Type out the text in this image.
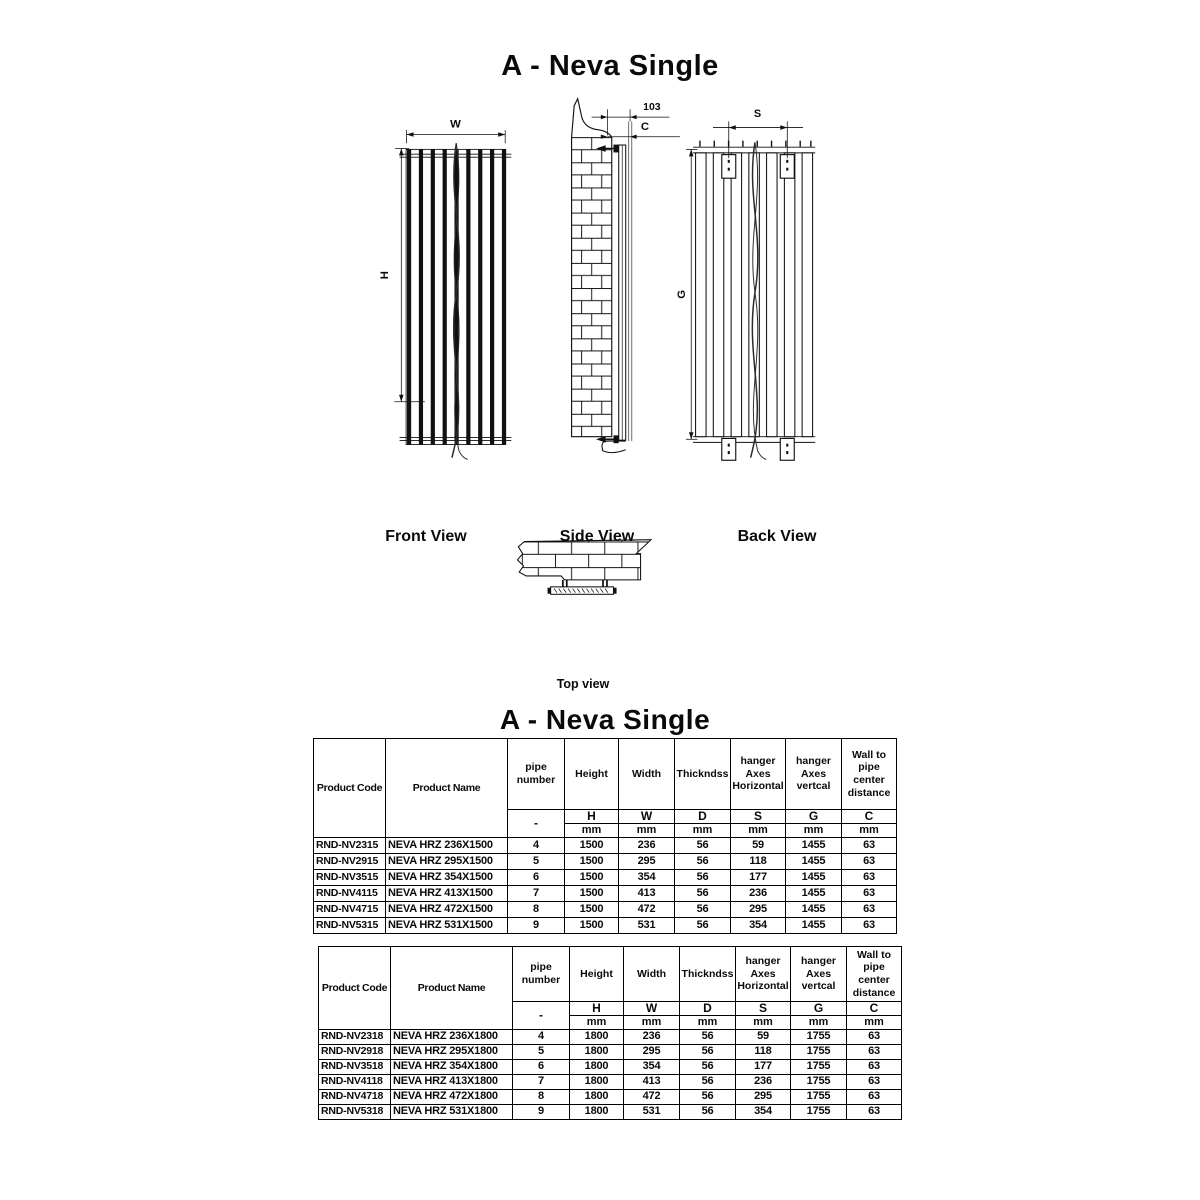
A - Neva Single
W
H
103
C
S
G
Front View	Side View	Back View
Top view
A - Neva Single
Product Code	Product Name	pipe number	Height	Width	Thickndss	hanger Axes Horizontal	hanger Axes vertcal	Wall to pipe center distance
		-	H	W	D	S	G	C
			mm	mm	mm	mm	mm	mm
RND-NV2315	NEVA HRZ 236X1500	4	1500	236	56	59	1455	63
RND-NV2915	NEVA HRZ 295X1500	5	1500	295	56	118	1455	63
RND-NV3515	NEVA HRZ 354X1500	6	1500	354	56	177	1455	63
RND-NV4115	NEVA HRZ 413X1500	7	1500	413	56	236	1455	63
RND-NV4715	NEVA HRZ 472X1500	8	1500	472	56	295	1455	63
RND-NV5315	NEVA HRZ 531X1500	9	1500	531	56	354	1455	63
Product Code	Product Name	pipe number	Height	Width	Thickndss	hanger Axes Horizontal	hanger Axes vertcal	Wall to pipe center distance
		-	H	W	D	S	G	C
			mm	mm	mm	mm	mm	mm
RND-NV2318	NEVA HRZ 236X1800	4	1800	236	56	59	1755	63
RND-NV2918	NEVA HRZ 295X1800	5	1800	295	56	118	1755	63
RND-NV3518	NEVA HRZ 354X1800	6	1800	354	56	177	1755	63
RND-NV4118	NEVA HRZ 413X1800	7	1800	413	56	236	1755	63
RND-NV4718	NEVA HRZ 472X1800	8	1800	472	56	295	1755	63
RND-NV5318	NEVA HRZ 531X1800	9	1800	531	56	354	1755	63
